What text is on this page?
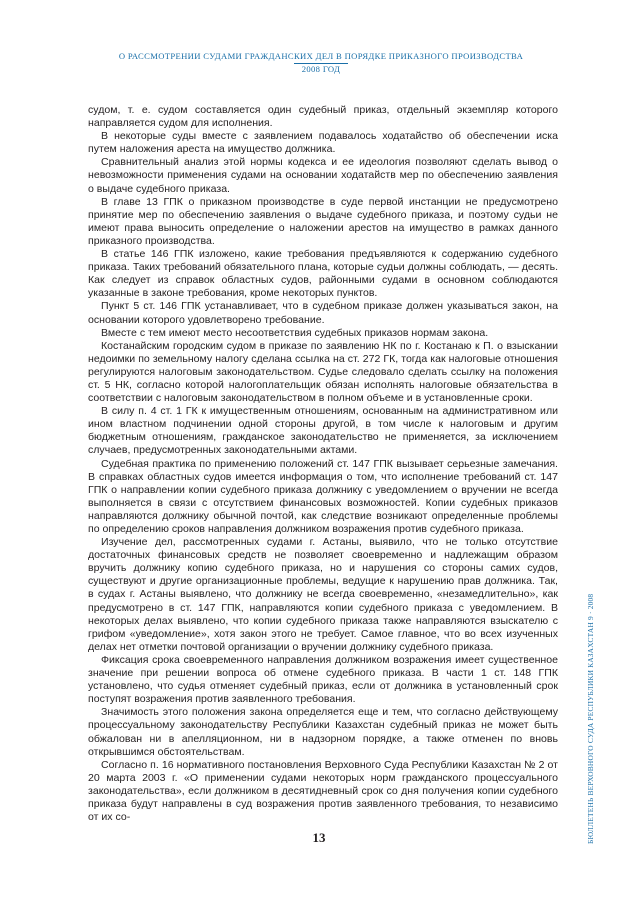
О РАССМОТРЕНИИ СУДАМИ ГРАЖДАНСКИХ ДЕЛ В ПОРЯДКЕ ПРИКАЗНОГО ПРОИЗВОДСТВА
2008 ГОД

судом, т. е. судом составляется один судебный приказ, отдельный экземпляр которого направляется судом для исполнения.

В некоторые суды вместе с заявлением подавалось ходатайство об обеспечении иска путем наложения ареста на имущество должника.

Сравнительный анализ этой нормы кодекса и ее идеология позволяют сделать вывод о невозможности применения судами на основании ходатайств мер по обеспечению заявления о выдаче судебного приказа.

В главе 13 ГПК о приказном производстве в суде первой инстанции не предусмотрено принятие мер по обеспечению заявления о выдаче судебного приказа, и поэтому судьи не имеют права выносить определение о наложении арестов на имущество в рамках данного приказного производства.

В статье 146 ГПК изложено, какие требования предъявляются к содержанию судебного приказа. Таких требований обязательного плана, которые судьи должны соблюдать, — десять. Как следует из справок областных судов, районными судами в основном соблюдаются указанные в законе требования, кроме некоторых пунктов.

Пункт 5 ст. 146 ГПК устанавливает, что в судебном приказе должен указываться закон, на основании которого удовлетворено требование.

Вместе с тем имеют место несоответствия судебных приказов нормам закона.

Костанайским городским судом в приказе по заявлению НК по г. Костанаю к П. о взыскании недоимки по земельному налогу сделана ссылка на ст. 272 ГК, тогда как налоговые отношения регулируются налоговым законодательством. Судье следовало сделать ссылку на положения ст. 5 НК, согласно которой налогоплательщик обязан исполнять налоговые обязательства в соответствии с налоговым законодательством в полном объеме и в установленные сроки.

В силу п. 4 ст. 1 ГК к имущественным отношениям, основанным на административном или ином властном подчинении одной стороны другой, в том числе к налоговым и другим бюджетным отношениям, гражданское законодательство не применяется, за исключением случаев, предусмотренных законодательными актами.

Судебная практика по применению положений ст. 147 ГПК вызывает серьезные замечания. В справках областных судов имеется информация о том, что исполнение требований ст. 147 ГПК о направлении копии судебного приказа должнику с уведомлением о вручении не всегда выполняется в связи с отсутствием финансовых возможностей. Копии судебных приказов направляются должнику обычной почтой, как следствие возникают определенные проблемы по определению сроков направления должником возражения против судебного приказа.

Изучение дел, рассмотренных судами г. Астаны, выявило, что не только отсутствие достаточных финансовых средств не позволяет своевременно и надлежащим образом вручить должнику копию судебного приказа, но и нарушения со стороны самих судов, существуют и другие организационные проблемы, ведущие к нарушению прав должника. Так, в судах г. Астаны выявлено, что должнику не всегда своевременно, «незамедлительно», как предусмотрено в ст. 147 ГПК, направляются копии судебного приказа с уведомлением. В некоторых делах выявлено, что копии судебного приказа также направляются взыскателю с грифом «уведомление», хотя закон этого не требует. Самое главное, что во всех изученных делах нет отметки почтовой организации о вручении должнику судебного приказа.

Фиксация срока своевременного направления должником возражения имеет существенное значение при решении вопроса об отмене судебного приказа. В части 1 ст. 148 ГПК установлено, что судья отменяет судебный приказ, если от должника в установленный срок поступят возражения против заявленного требования.

Значимость этого положения закона определяется еще и тем, что согласно действующему процессуальному законодательству Республики Казахстан судебный приказ не может быть обжалован ни в апелляционном, ни в надзорном порядке, а также отменен по вновь открывшимся обстоятельствам.

Согласно п. 16 нормативного постановления Верховного Суда Республики Казахстан № 2 от 20 марта 2003 г. «О применении судами некоторых норм гражданского процессуального законодательства», если должником в десятидневный срок со дня получения копии судебного приказа будут направлены в суд возражения против заявленного требования, то независимо от их со-	БЮЛЛЕТЕНЬ ВЕРХОВНОГО СУДА РЕСПУБЛИКИ КАЗАХСТАН 9 · 2008
13
